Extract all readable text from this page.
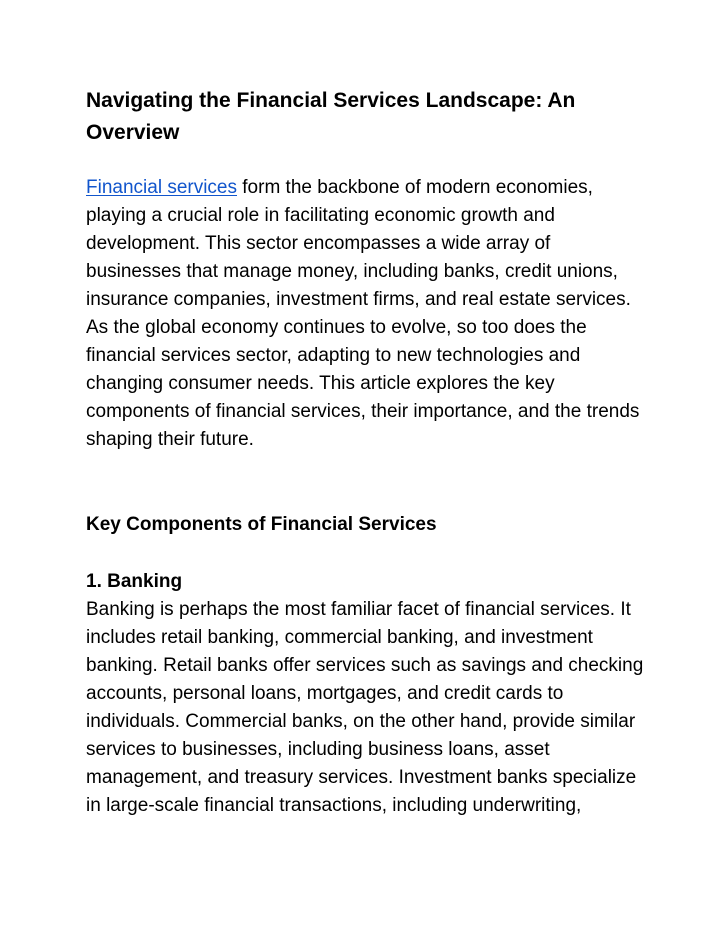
Navigating the Financial Services Landscape: An Overview

Financial services form the backbone of modern economies, playing a crucial role in facilitating economic growth and development. This sector encompasses a wide array of businesses that manage money, including banks, credit unions, insurance companies, investment firms, and real estate services. As the global economy continues to evolve, so too does the financial services sector, adapting to new technologies and changing consumer needs. This article explores the key components of financial services, their importance, and the trends shaping their future.

Key Components of Financial Services
1. Banking

Banking is perhaps the most familiar facet of financial services. It includes retail banking, commercial banking, and investment banking. Retail banks offer services such as savings and checking accounts, personal loans, mortgages, and credit cards to individuals. Commercial banks, on the other hand, provide similar services to businesses, including business loans, asset management, and treasury services. Investment banks specialize in large-scale financial transactions, including underwriting,
